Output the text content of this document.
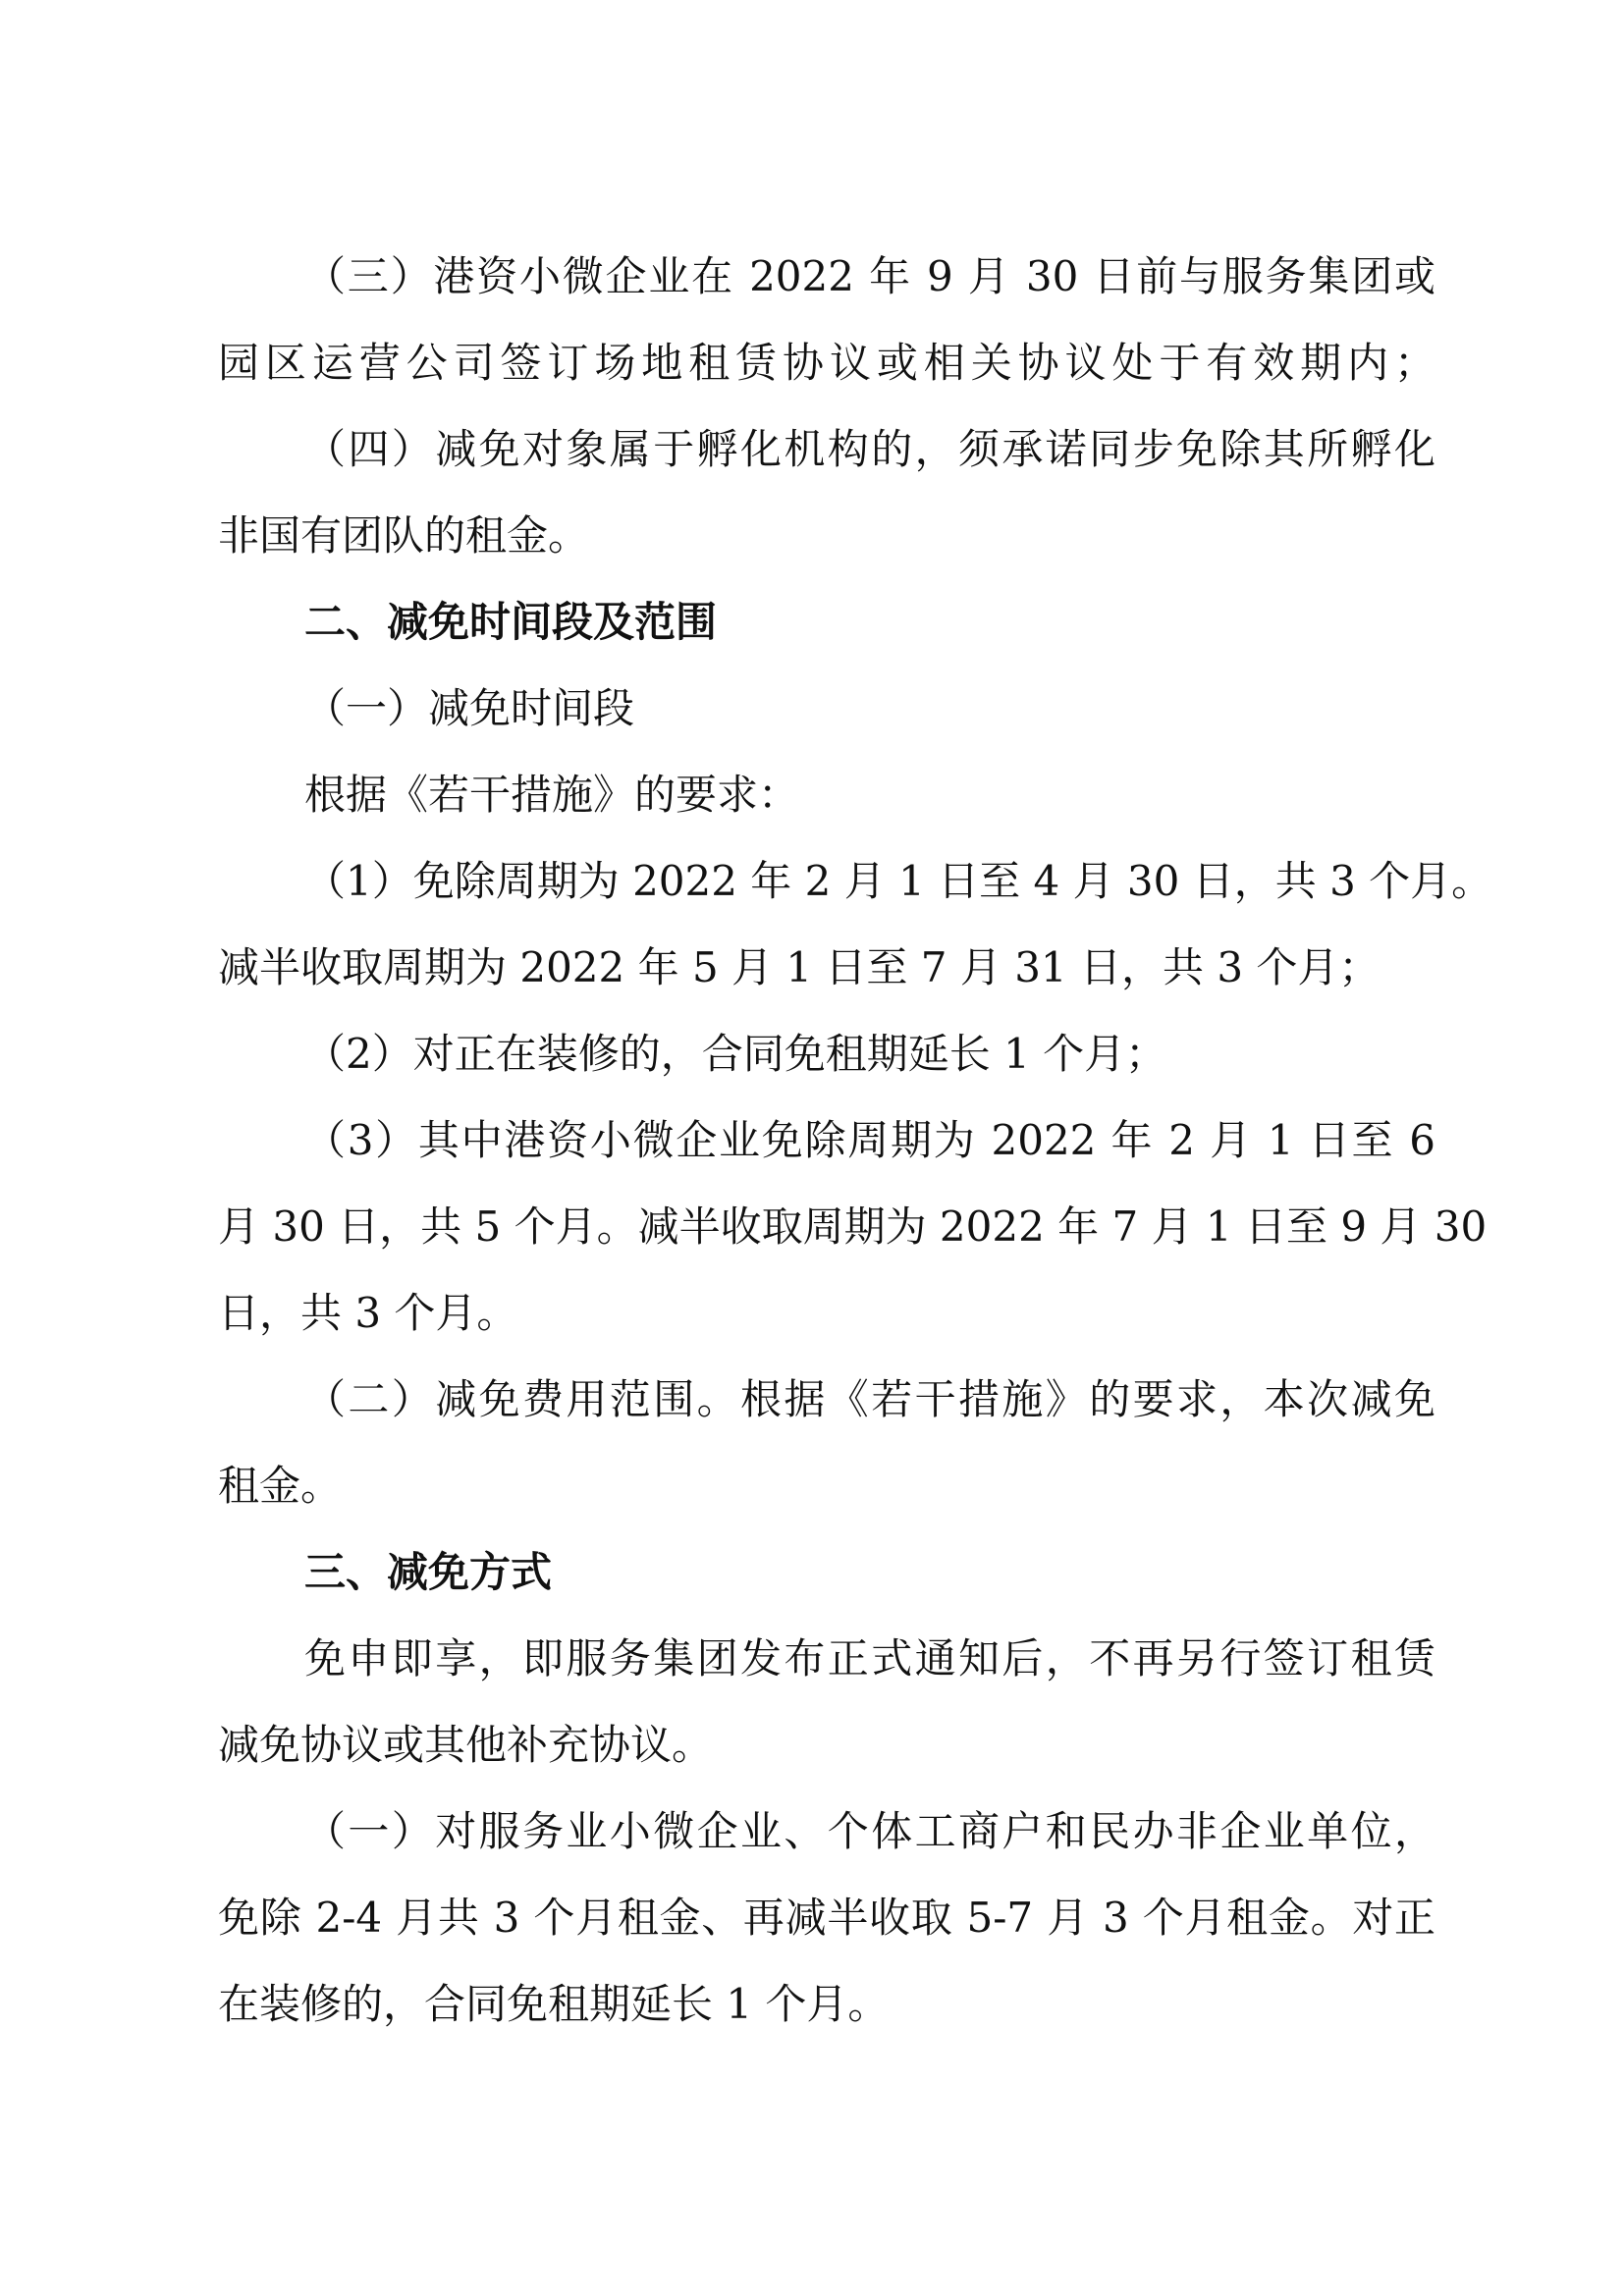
（三）港资小微企业在 2022 年 9 月 30 日前与服务集团或
园区运营公司签订场地租赁协议或相关协议处于有效期内；
（四）减免对象属于孵化机构的，须承诺同步免除其所孵化
非国有团队的租金。
二、减免时间段及范围
（一）减免时间段
根据《若干措施》的要求：
（1）免除周期为 2022 年 2 月 1 日至 4 月 30 日，共 3 个月。
减半收取周期为 2022 年 5 月 1 日至 7 月 31 日，共 3 个月；
（2）对正在装修的，合同免租期延长 1 个月；
（3）其中港资小微企业免除周期为 2022 年 2 月 1 日至 6
月 30 日，共 5 个月。减半收取周期为 2022 年 7 月 1 日至 9 月 30
日，共 3 个月。
（二）减免费用范围。根据《若干措施》的要求，本次减免
租金。
三、减免方式
免申即享，即服务集团发布正式通知后，不再另行签订租赁
减免协议或其他补充协议。
（一）对服务业小微企业、个体工商户和民办非企业单位，
免除 2-4 月共 3 个月租金、再减半收取 5-7 月 3 个月租金。对正
在装修的，合同免租期延长 1 个月。
